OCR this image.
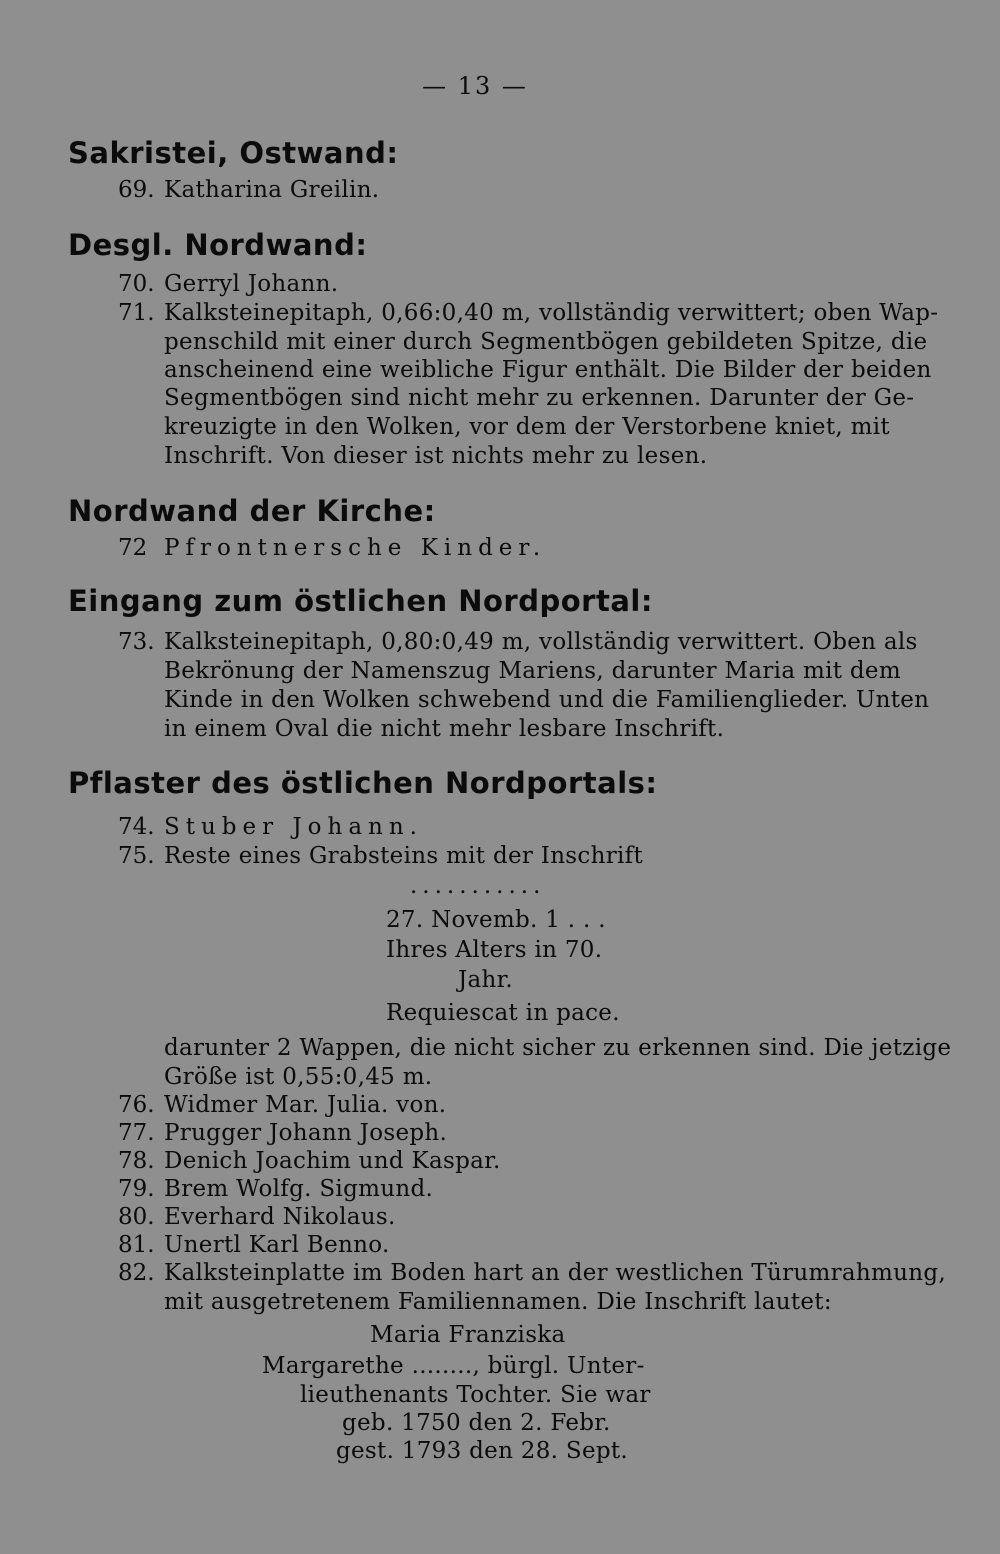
— 13 —
Sakristei, Ostwand:
69. Katharina Greilin.
Desgl. Nordwand:
70. Gerryl Johann.
71. Kalksteinepitaph, 0,66:0,40 m, vollständig verwittert; oben Wap-
penschild mit einer durch Segmentbögen gebildeten Spitze, die
anscheinend eine weibliche Figur enthält. Die Bilder der beiden
Segmentbögen sind nicht mehr zu erkennen. Darunter der Ge-
kreuzigte in den Wolken, vor dem der Verstorbene kniet, mit
Inschrift. Von dieser ist nichts mehr zu lesen.
Nordwand der Kirche:
72 Pfrontnersche Kinder.
Eingang zum östlichen Nordportal:
73. Kalksteinepitaph, 0,80:0,49 m, vollständig verwittert. Oben als
Bekrönung der Namenszug Mariens, darunter Maria mit dem
Kinde in den Wolken schwebend und die Familienglieder. Unten
in einem Oval die nicht mehr lesbare Inschrift.
Pflaster des östlichen Nordportals:
74. Stuber Johann.
75. Reste eines Grabsteins mit der Inschrift
...........
27. Novemb. 1 . . .
Ihres Alters in 70.
Jahr.
Requiescat in pace.
darunter 2 Wappen, die nicht sicher zu erkennen sind. Die jetzige
Größe ist 0,55:0,45 m.
76. Widmer Mar. Julia. von.
77. Prugger Johann Joseph.
78. Denich Joachim und Kaspar.
79. Brem Wolfg. Sigmund.
80. Everhard Nikolaus.
81. Unertl Karl Benno.
82. Kalksteinplatte im Boden hart an der westlichen Türumrahmung,
mit ausgetretenem Familiennamen. Die Inschrift lautet:
Maria Franziska
Margarethe ........, bürgl. Unter-
lieuthenants Tochter. Sie war
geb. 1750 den 2. Febr.
gest. 1793 den 28. Sept.
